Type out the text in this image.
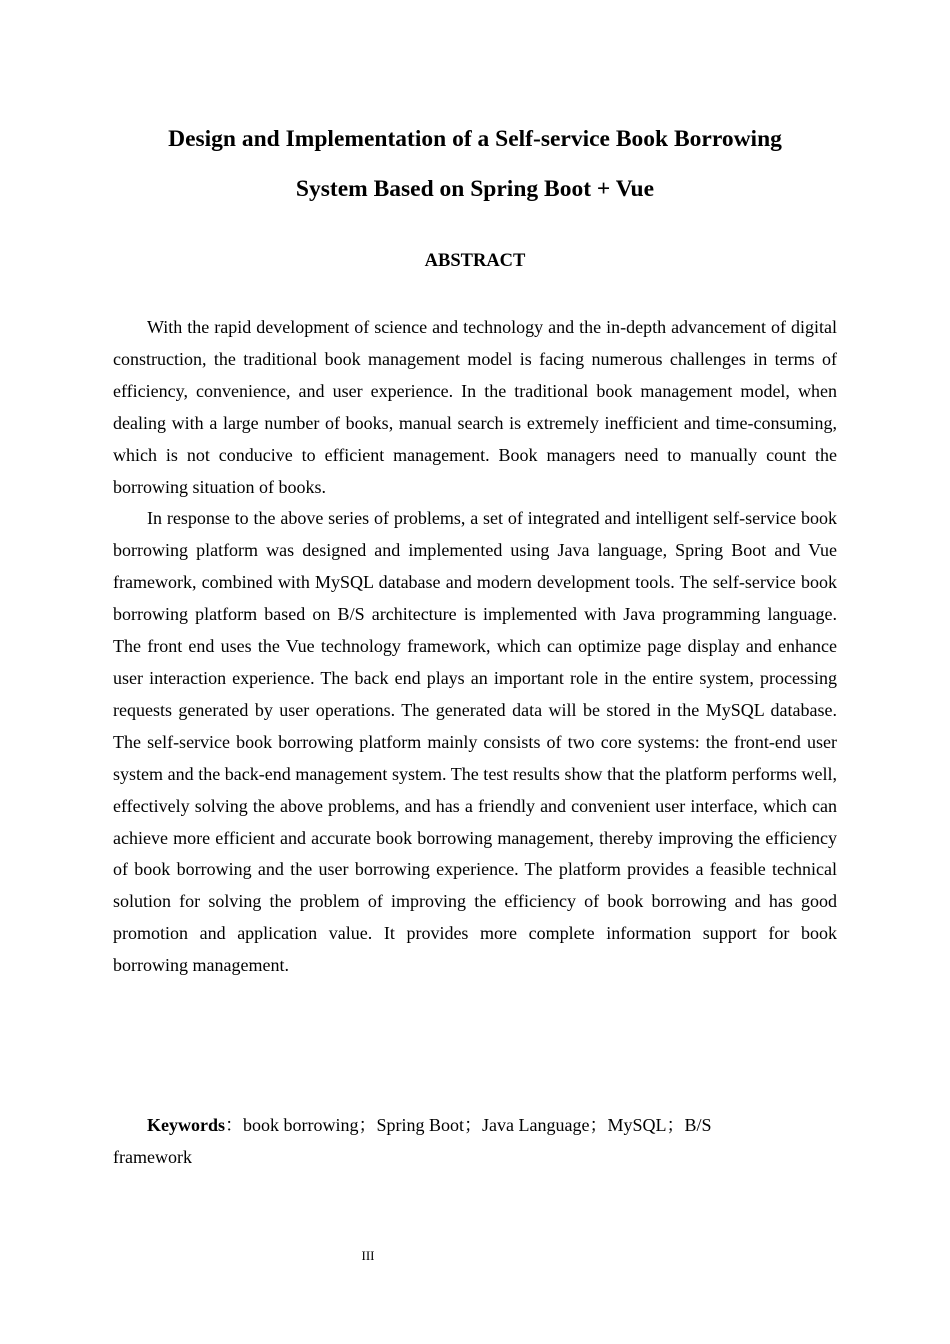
Design and Implementation of a Self-service Book Borrowing
System Based on Spring Boot + Vue
ABSTRACT

With the rapid development of science and technology and the in-depth advancement of digital construction, the traditional book management model is facing numerous challenges in terms of efficiency, convenience, and user experience. In the traditional book management model, when dealing with a large number of books, manual search is extremely inefficient and time-consuming, which is not conducive to efficient management. Book managers need to manually count the borrowing situation of books.

In response to the above series of problems, a set of integrated and intelligent self-service book borrowing platform was designed and implemented using Java language, Spring Boot and Vue framework, combined with MySQL database and modern development tools. The self-service book borrowing platform based on B/S architecture is implemented with Java programming language. The front end uses the Vue technology framework, which can optimize page display and enhance user interaction experience. The back end plays an important role in the entire system, processing requests generated by user operations. The generated data will be stored in the MySQL database. The self-service book borrowing platform mainly consists of two core systems: the front-end user system and the back-end management system. The test results show that the platform performs well, effectively solving the above problems, and has a friendly and convenient user interface, which can achieve more efficient and accurate book borrowing management, thereby improving the efficiency of book borrowing and the user borrowing experience. The platform provides a feasible technical solution for solving the problem of improving the efficiency of book borrowing and has good promotion and application value. It provides more complete information support for book borrowing management.

Keywords：book borrowing；Spring Boot；Java Language；MySQL；B/S framework

III
